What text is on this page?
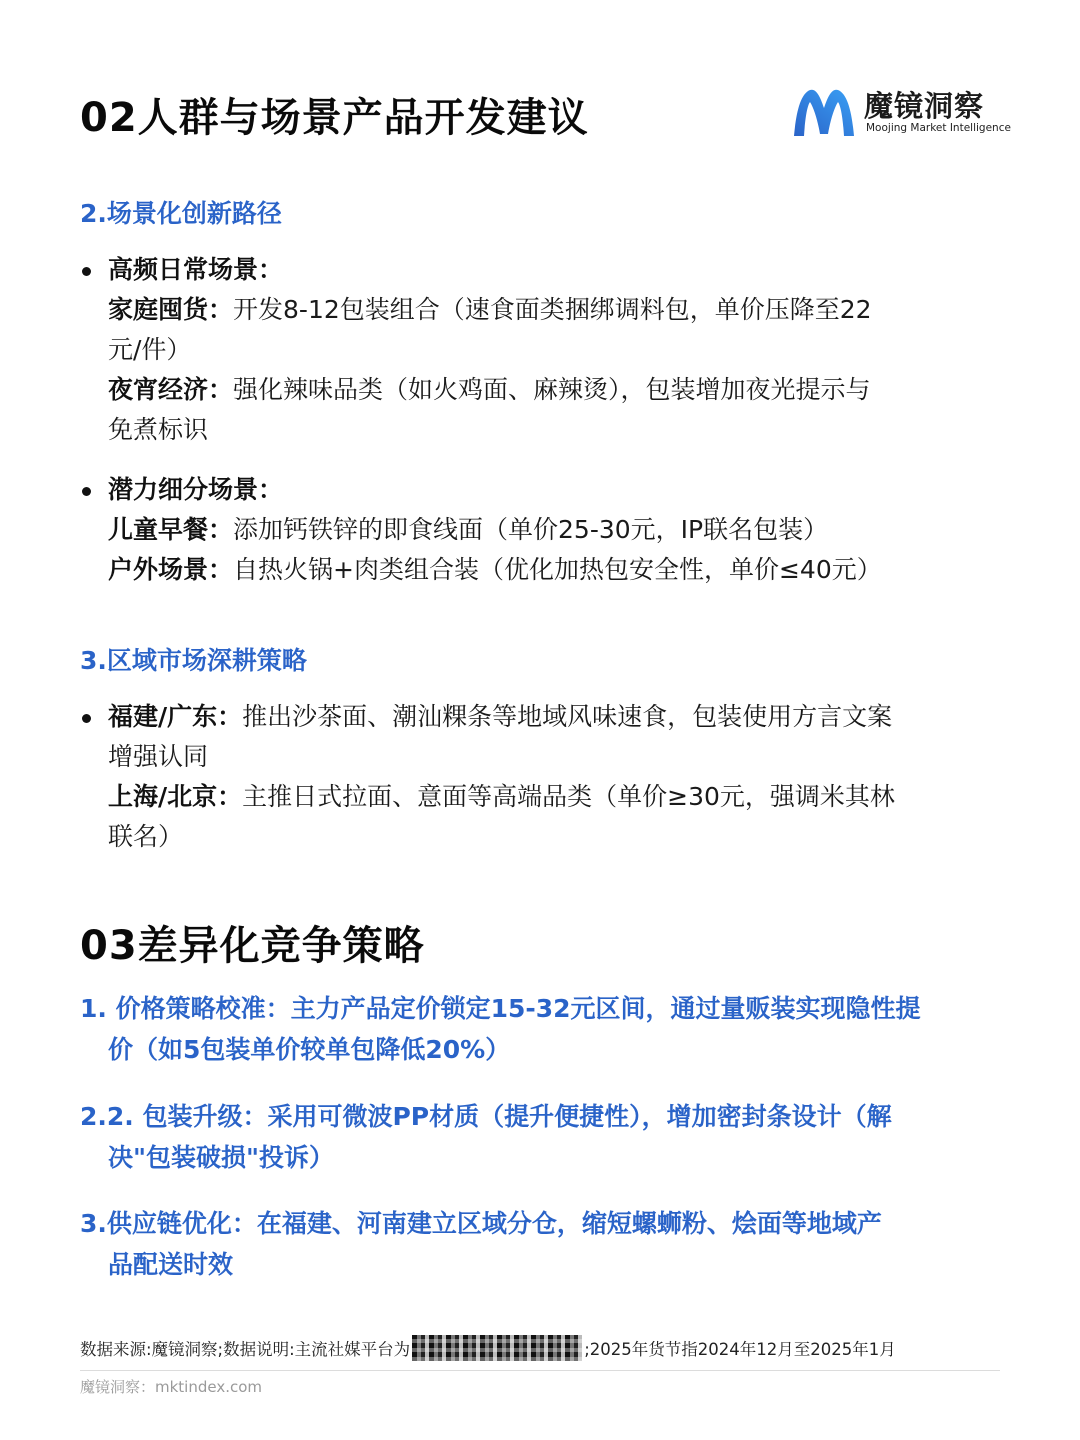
02人群与场景产品开发建议	魔镜洞察
Moojing Market Intelligence
2.场景化创新路径
高频日常场景：
家庭囤货：开发8-12包装组合（速食面类捆绑调料包，单价压降至22
元/件）
夜宵经济：强化辣味品类（如火鸡面、麻辣烫），包装增加夜光提示与
免煮标识
潜力细分场景：
儿童早餐：添加钙铁锌的即食线面（单价25-30元，IP联名包装）
户外场景：自热火锅+肉类组合装（优化加热包安全性，单价≤40元）
3.区域市场深耕策略
福建/广东：推出沙茶面、潮汕粿条等地域风味速食，包装使用方言文案
增强认同
上海/北京：主推日式拉面、意面等高端品类（单价≥30元，强调米其林
联名）
03差异化竞争策略
1. 价格策略校准：主力产品定价锁定15-32元区间，通过量贩装实现隐性提
价（如5包装单价较单包降低20%）
2.2. 包装升级：采用可微波PP材质（提升便捷性），增加密封条设计（解
决"包装破损"投诉）
3.供应链优化：在福建、河南建立区域分仓，缩短螺蛳粉、烩面等地域产
品配送时效
数据来源:魔镜洞察;数据说明:主流社媒平台为	;2025年货节指2024年12月至2025年1月
魔镜洞察：mktindex.com
